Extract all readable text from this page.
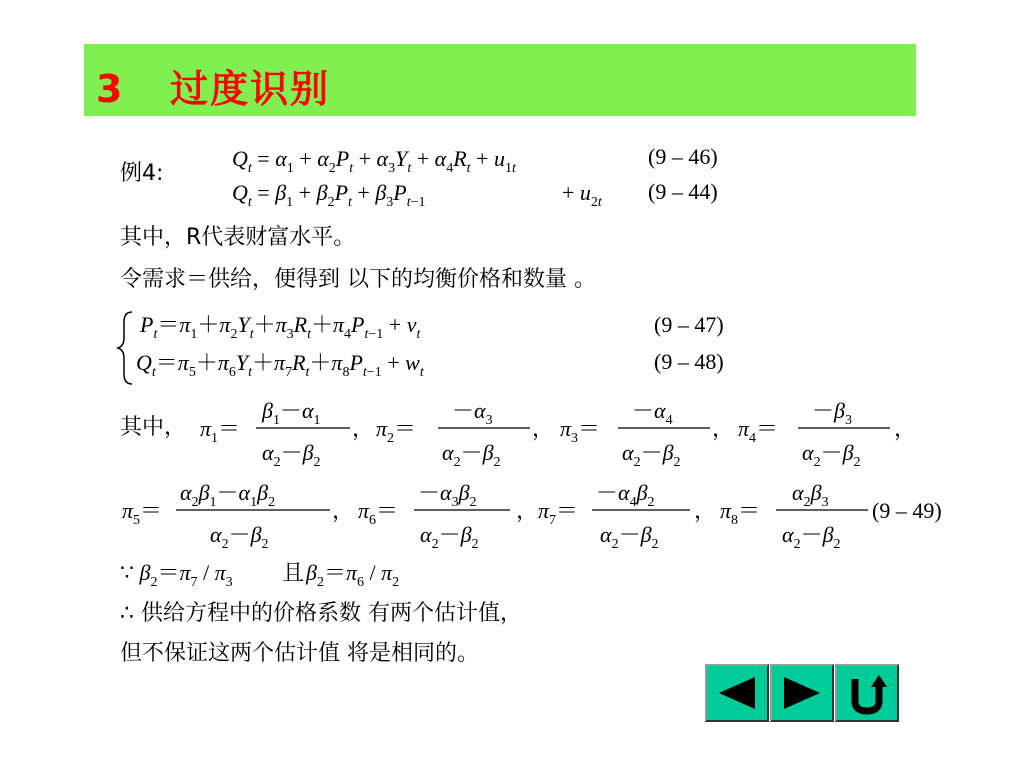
3   过度识别
例4:
其中，R代表财富水平。
令需求＝供给，便得到 以下的均衡价格和数量 。
其中，
∴ 供给方程中的价格系数 有两个估计值，
但不保证这两个估计值 将是相同的。
$Q_t = \alpha_1 + \alpha_2P_t + \alpha_3Y_t + \alpha_4R_t + u_1t$	(9 – 46)
$Q_t = \beta_1 + \beta_2P_t + \beta_3P_t-1$	+ $u_2t$ (9 – 44)
$P_t=\pi_1+\pi_2Y_t+\pi_3R_t+\pi_4P_t-1 + v_t$	(9 – 47)
$Q_t=\pi_5+\pi_6Y_t+\pi_7R_t+\pi_8P_t-1 + w_t$	(9 – 48)
$\pi_1=$
$\beta_1-\alpha_1$
$\alpha_2-\beta_2$
， $\pi_2=$
$-\alpha_3$
$\alpha_2-\beta_2$
， $\pi_3=$
$-\alpha_4$
$\alpha_2-\beta_2$
， $\pi_4=$
$-\beta_3$
$\alpha_2-\beta_2$
，
$\pi_5=$
$\alpha_2\beta_1-\alpha_1\beta_2$
$\alpha_2-\beta_2$
， $\pi_6=$
$-\alpha_3\beta_2$
$\alpha_2-\beta_2$
， $\pi_7=$
$-\alpha_4\beta_2$
$\alpha_2-\beta_2$
， $\pi_8=$
$\alpha_2\beta_3$
$\alpha_2-\beta_2$
(9 – 49)
∵ $\beta_2=\pi_7 / \pi_3$ 且 $\beta_2=\pi_6 / \pi_2$
